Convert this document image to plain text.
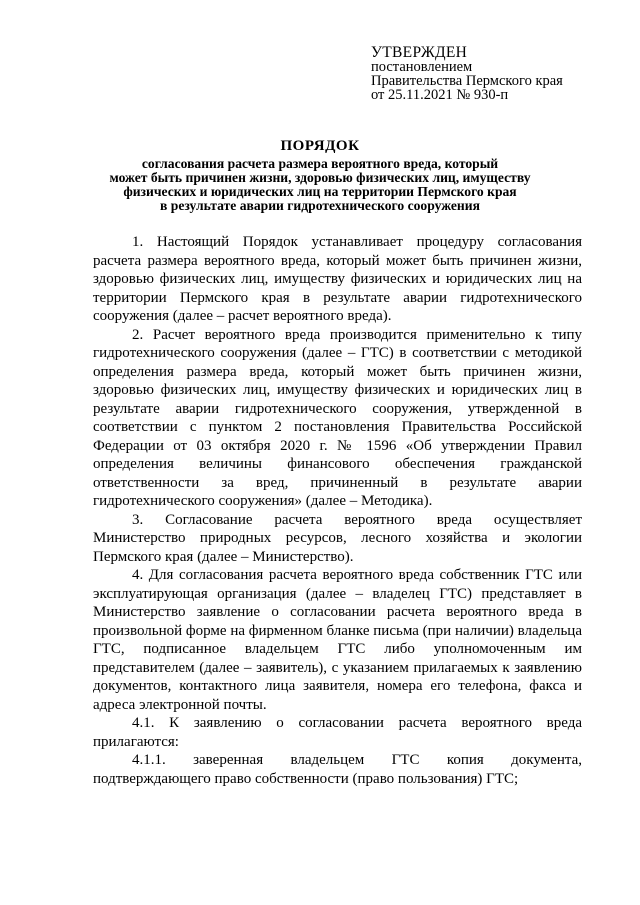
УТВЕРЖДЕН
постановлением
Правительства Пермского края
от 25.11.2021 № 930-п
ПОРЯДОК
согласования расчета размера вероятного вреда, который
может быть причинен жизни, здоровью физических лиц, имуществу
физических и юридических лиц на территории Пермского края
в результате аварии гидротехнического сооружения

1. Настоящий Порядок устанавливает процедуру согласования расчета размера вероятного вреда, который может быть причинен жизни, здоровью физических лиц, имуществу физических и юридических лиц на территории Пермского края в результате аварии гидротехнического сооружения (далее – расчет вероятного вреда).

2. Расчет вероятного вреда производится применительно к типу гидротехнического сооружения (далее – ГТС) в соответствии с методикой определения размера вреда, который может быть причинен жизни, здоровью физических лиц, имуществу физических и юридических лиц в результате аварии гидротехнического сооружения, утвержденной в соответствии с пунктом 2 постановления Правительства Российской Федерации от 03 октября 2020 г. № 1596 «Об утверждении Правил определения величины финансового обеспечения гражданской ответственности за вред, причиненный в результате аварии гидротехнического сооружения» (далее – Методика).

3. Согласование расчета вероятного вреда осуществляет Министерство природных ресурсов, лесного хозяйства и экологии Пермского края (далее – Министерство).

4. Для согласования расчета вероятного вреда собственник ГТС или эксплуатирующая организация (далее – владелец ГТС) представляет в Министерство заявление о согласовании расчета вероятного вреда в произвольной форме на фирменном бланке письма (при наличии) владельца ГТС, подписанное владельцем ГТС либо уполномоченным им представителем (далее – заявитель), с указанием прилагаемых к заявлению документов, контактного лица заявителя, номера его телефона, факса и адреса электронной почты.

4.1. К заявлению о согласовании расчета вероятного вреда прилагаются:

4.1.1. заверенная владельцем ГТС копия документа, подтверждающего право собственности (право пользования) ГТС;
